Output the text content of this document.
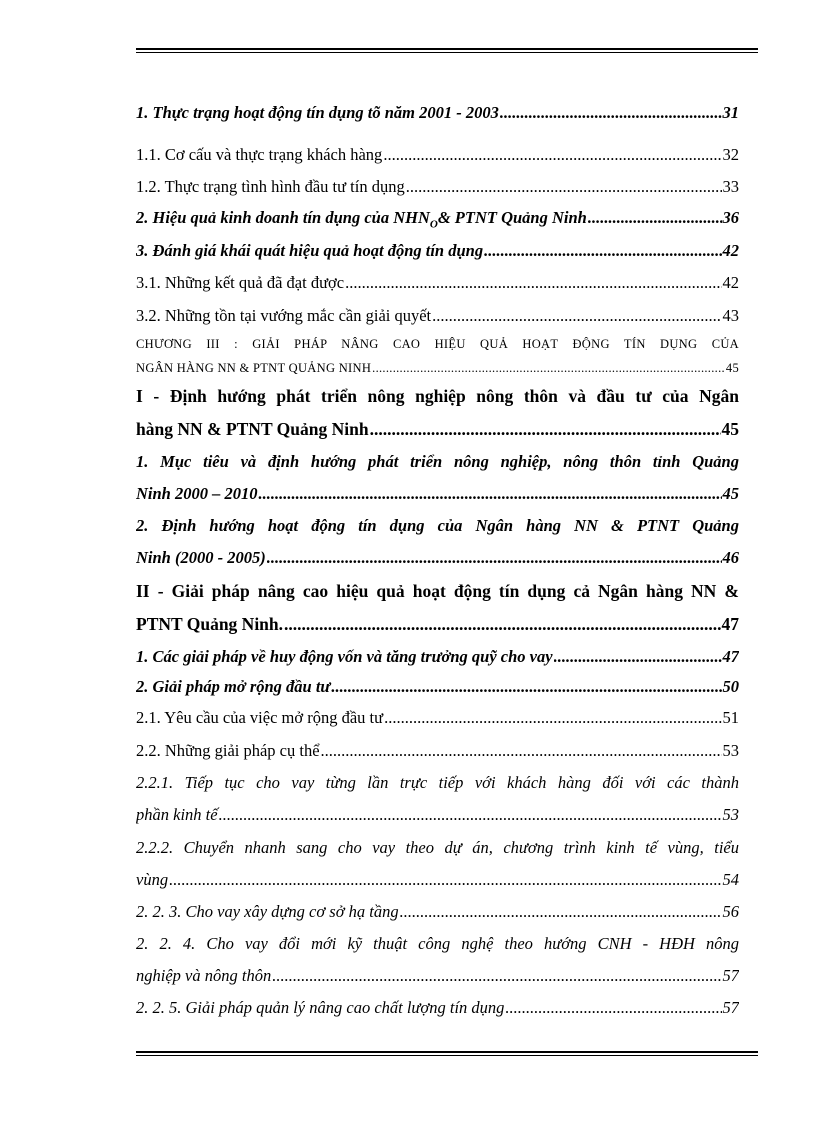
1. Thực trạng hoạt động tín dụng tõ năm 2001 - 2003 .....	31
1.1. Cơ cấu và thực trạng khách hàng .....	32
1.2. Thực trạng tình hình đầu tư tín dụng .....	33
2. Hiệu quả kinh doanh tín dụng của $NHN_O\&$ PTNT Quảng Ninh .....	36
3. Đánh giá khái quát hiệu quả hoạt động tín dụng .....	42
3.1. Những kết quả đã đạt được .....	42
3.2. Những tồn tại vướng mắc cần giải quyết .....	43
CHƯƠNG III : GIẢI PHÁP NÂNG CAO HIỆU QUẢ HOẠT ĐỘNG TÍN DỤNG CỦA
NGÂN HÀNG NN & PTNT QUẢNG NINH .....	45
I - Định hướng phát triển nông nghiệp nông thôn và đầu tư của Ngân
hàng NN & PTNT Quảng Ninh .....	45
1. Mục tiêu và định hướng phát triển nông nghiệp, nông thôn tỉnh Quảng
Ninh 2000 – 2010 .....	45
2. Định hướng hoạt động tín dụng của Ngân hàng NN & PTNT Quảng
Ninh (2000 - 2005) .....	46
II - Giải pháp nâng cao hiệu quả hoạt động tín dụng cả Ngân hàng NN &
PTNT Quảng Ninh. .....	47
1. Các giải pháp về huy động vốn và tăng trưởng quỹ cho vay .....	47
2. Giải pháp mở rộng đầu tư .....	50
2.1. Yêu cầu của việc mở rộng đầu tư .....	51
2.2. Những giải pháp cụ thể .....	53
2.2.1. Tiếp tục cho vay từng lần trực tiếp với khách hàng đối với các thành
phần kinh tế .....	53
2.2.2. Chuyển nhanh sang cho vay theo dự án, chương trình kinh tế vùng, tiểu
vùng .....	54
2. 2. 3. Cho vay xây dựng cơ sở hạ tầng .....	56
2. 2. 4. Cho vay đổi mới kỹ thuật công nghệ theo hướng CNH - HĐH nông
nghiệp và nông thôn .....	57
2. 2. 5. Giải pháp quản lý nâng cao chất lượng tín dụng .....	57
